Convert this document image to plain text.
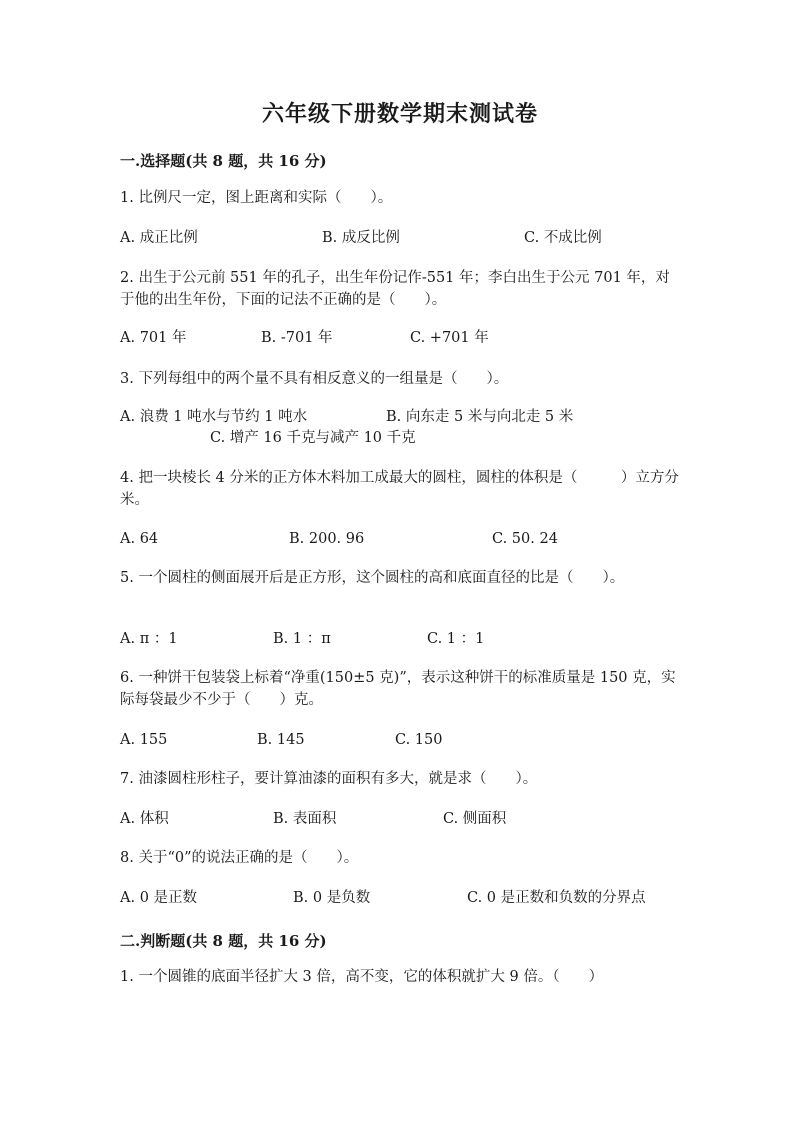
六年级下册数学期末测试卷
一.选择题(共 8 题，共 16 分)
1. 比例尺一定，图上距离和实际（　　）。
A. 成正比例	B. 成反比例	C. 不成比例
2. 出生于公元前 551 年的孔子，出生年份记作-551 年；李白出生于公元 701 年，对于他的出生年份，下面的记法不正确的是（　　）。
A. 701 年	B. -701 年	C. +701 年
3. 下列每组中的两个量不具有相反意义的一组量是（　　）。
A. 浪费 1 吨水与节约 1 吨水	B. 向东走 5 米与向北走 5 米
C. 增产 16 千克与减产 10 千克
4. 把一块棱长 4 分米的正方体木料加工成最大的圆柱，圆柱的体积是（　　　）立方分米。
A. 64	B. 200. 96	C. 50. 24
5. 一个圆柱的侧面展开后是正方形，这个圆柱的高和底面直径的比是（　　）。
A. π ：1	B. 1 ：π	C. 1 ：1
6. 一种饼干包装袋上标着“净重(150±5 克)”，表示这种饼干的标准质量是 150 克，实际每袋最少不少于（　　）克。
A. 155	B. 145	C. 150
7. 油漆圆柱形柱子，要计算油漆的面积有多大，就是求（　　）。
A. 体积	B. 表面积	C. 侧面积
8. 关于“0”的说法正确的是（　　）。
A. 0 是正数	B. 0 是负数	C. 0 是正数和负数的分界点
二.判断题(共 8 题，共 16 分)
1. 一个圆锥的底面半径扩大 3 倍，高不变，它的体积就扩大 9 倍。（　　）
